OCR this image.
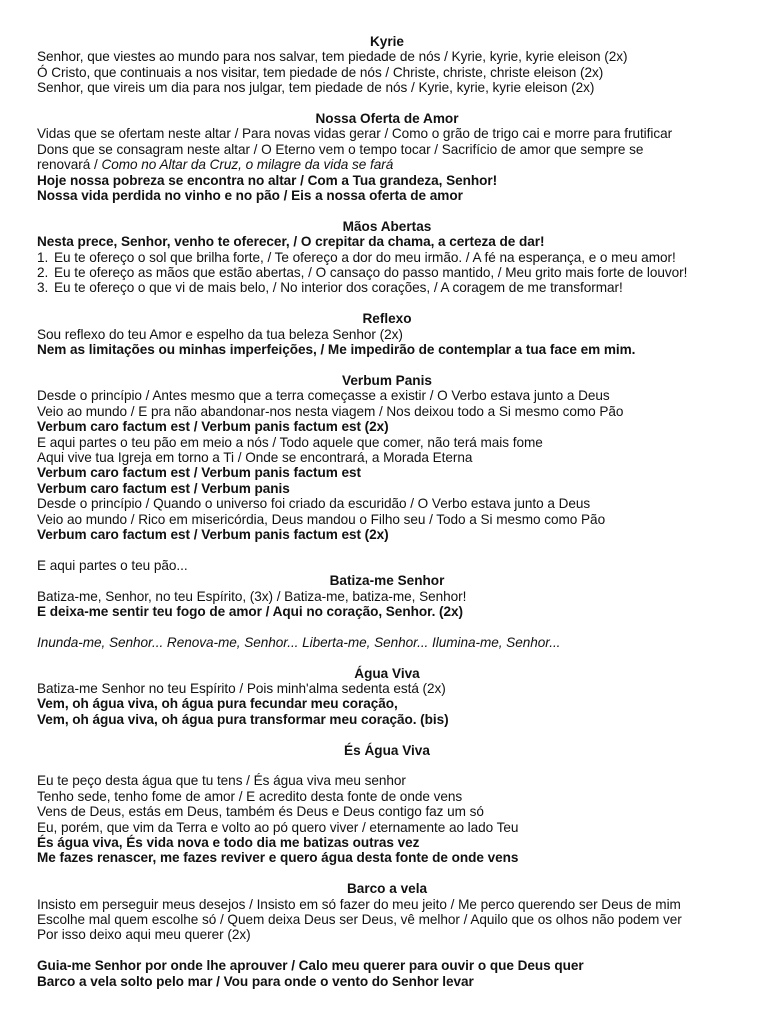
Kyrie
Senhor, que viestes ao mundo para nos salvar, tem piedade de nós / Kyrie, kyrie, kyrie eleison (2x)
Ó Cristo, que continuais a nos visitar, tem piedade de nós / Christe, christe, christe eleison (2x)
Senhor, que vireis um dia para nos julgar, tem piedade de nós / Kyrie, kyrie, kyrie eleison (2x)
Nossa Oferta de Amor
Vidas que se ofertam neste altar / Para novas vidas gerar / Como o grão de trigo cai e morre para frutificar
Dons que se consagram neste altar / O Eterno vem o tempo tocar / Sacrifício de amor que sempre se
renovará / Como no Altar da Cruz, o milagre da vida se fará
Hoje nossa pobreza se encontra no altar / Com a Tua grandeza, Senhor!
Nossa vida perdida no vinho e no pão / Eis a nossa oferta de amor
Mãos Abertas
Nesta prece, Senhor, venho te oferecer, / O crepitar da chama, a certeza de dar!
1. Eu te ofereço o sol que brilha forte, / Te ofereço a dor do meu irmão. / A fé na esperança, e o meu amor!
2. Eu te ofereço as mãos que estão abertas, / O cansaço do passo mantido, / Meu grito mais forte de louvor!
3. Eu te ofereço o que vi de mais belo, / No interior dos corações, / A coragem de me transformar!
Reflexo
Sou reflexo do teu Amor e espelho da tua beleza Senhor (2x)
Nem as limitações ou minhas imperfeições, / Me impedirão de contemplar a tua face em mim.
Verbum Panis
Desde o princípio / Antes mesmo que a terra começasse a existir / O Verbo estava junto a Deus
Veio ao mundo / E pra não abandonar-nos nesta viagem / Nos deixou todo a Si mesmo como Pão
Verbum caro factum est / Verbum panis factum est (2x)
E aqui partes o teu pão em meio a nós / Todo aquele que comer, não terá mais fome
Aqui vive tua Igreja em torno a Ti / Onde se encontrará, a Morada Eterna
Verbum caro factum est / Verbum panis factum est
Verbum caro factum est / Verbum panis
Desde o princípio / Quando o universo foi criado da escuridão / O Verbo estava junto a Deus
Veio ao mundo / Rico em misericórdia, Deus mandou o Filho seu / Todo a Si mesmo como Pão
Verbum caro factum est / Verbum panis factum est (2x)
E aqui partes o teu pão...
Batiza-me Senhor
Batiza-me, Senhor, no teu Espírito, (3x) / Batiza-me, batiza-me, Senhor!
E deixa-me sentir teu fogo de amor / Aqui no coração, Senhor. (2x)
Inunda-me, Senhor... Renova-me, Senhor... Liberta-me, Senhor... Ilumina-me, Senhor...
Água Viva
Batiza-me Senhor no teu Espírito / Pois minh'alma sedenta está (2x)
Vem, oh água viva, oh água pura fecundar meu coração,
Vem, oh água viva, oh água pura transformar meu coração. (bis)
És Água Viva
Eu te peço desta água que tu tens / És água viva meu senhor
Tenho sede, tenho fome de amor / E acredito desta fonte de onde vens
Vens de Deus, estás em Deus, também és Deus e Deus contigo faz um só
Eu, porém, que vim da Terra e volto ao pó quero viver / eternamente ao lado Teu
És água viva, És vida nova e todo dia me batizas outras vez
Me fazes renascer, me fazes reviver e quero água desta fonte de onde vens
Barco a vela
Insisto em perseguir meus desejos / Insisto em só fazer do meu jeito / Me perco querendo ser Deus de mim
Escolhe mal quem escolhe só / Quem deixa Deus ser Deus, vê melhor / Aquilo que os olhos não podem ver
Por isso deixo aqui meu querer (2x)
Guia-me Senhor por onde lhe aprouver / Calo meu querer para ouvir o que Deus quer
Barco a vela solto pelo mar / Vou para onde o vento do Senhor levar
